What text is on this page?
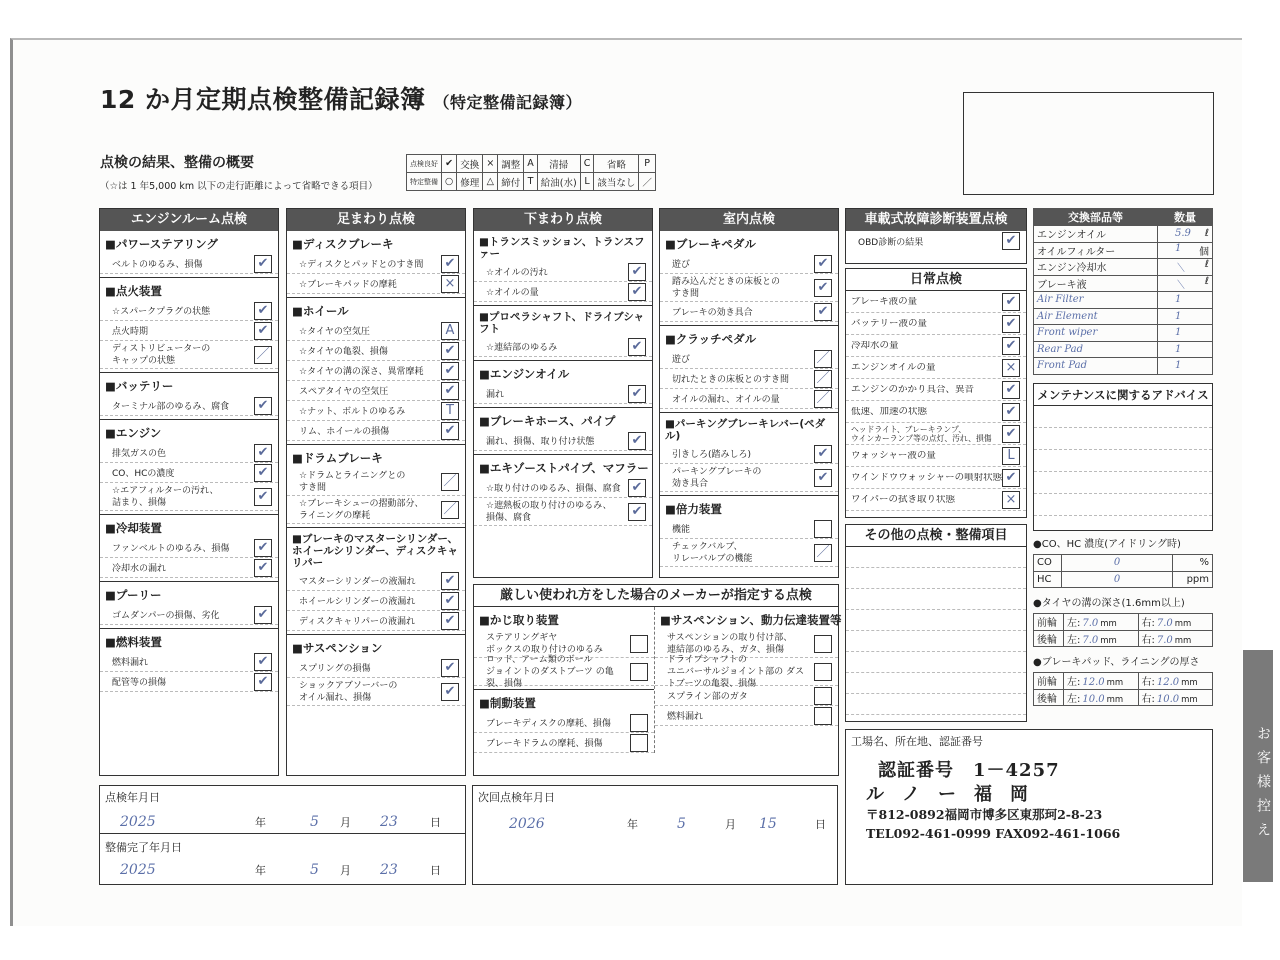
12 か月定期点検整備記録簿 （特定整備記録簿）
点検の結果、整備の概要
（☆は 1 年5,000 km 以下の走行距離によって省略できる項目）
点検良好	✔	交換	×	調整	A	清掃	C	省略	P
特定整備	○	修理	△	締付	T	給油(水)	L	該当なし	／
エンジンルーム点検
■ パワーステアリング
ベルトのゆるみ、損傷	✔
■ 点火装置
☆スパークプラグの状態	✔
点火時期	✔
ディストリビューターの
キャップの状態	／
■ バッテリー
ターミナル部のゆるみ、腐食	✔
■ エンジン
排気ガスの色	✔
CO、HCの濃度	✔
☆エアフィルターの汚れ、
詰まり、損傷	✔
■ 冷却装置
ファンベルトのゆるみ、損傷	✔
冷却水の漏れ	✔
■ プーリー
ゴムダンパーの損傷、劣化	✔
■ 燃料装置
燃料漏れ	✔
配管等の損傷	✔
足まわり点検
■ ディスクブレーキ
☆ディスクとパッドとのすき間	✔
☆ブレーキパッドの摩耗	×
■ ホイール
☆タイヤの空気圧	A
☆タイヤの亀裂、損傷	✔
☆タイヤの溝の深さ、異常摩耗	✔
スペアタイヤの空気圧	✔
☆ナット、ボルトのゆるみ	T
リム、ホイールの損傷	✔
■ ドラムブレーキ
☆ドラムとライニングとの
すき間	／
☆ブレーキシューの摺動部分、
ライニングの摩耗	／
■ ブレーキのマスターシリンダー、ホイールシリンダー、ディスクキャリパー
マスターシリンダーの液漏れ	✔
ホイールシリンダーの液漏れ	✔
ディスクキャリパーの液漏れ	✔
■ サスペンション
スプリングの損傷	✔
ショックアブソーバーの
オイル漏れ、損傷	✔
下まわり点検
■ トランスミッション、トランスファー
☆オイルの汚れ	✔
☆オイルの量	✔
■ プロペラシャフト、ドライブシャフト
☆連結部のゆるみ	✔
■ エンジンオイル
漏れ	✔
■ ブレーキホース、パイプ
漏れ、損傷、取り付け状態	✔
■ エキゾーストパイプ、マフラー
☆取り付けのゆるみ、損傷、腐食 ✔
☆遮熱板の取り付けのゆるみ、
損傷、腐食	✔
室内点検
■ ブレーキペダル
遊び	✔
踏み込んだときの床板との
すき間	✔
ブレーキの効き具合	✔
■ クラッチペダル
遊び	／
切れたときの床板とのすき間	／
オイルの漏れ、オイルの量	／
■ パーキングブレーキレバー(ペダル)
引きしろ(踏みしろ)	✔
パーキングブレーキの
効き具合	✔
■ 倍力装置
機能
チェックバルブ、
リレーバルブの機能	／
厳しい使われ方をした場合のメーカーが指定する点検
■ かじ取り装置
ステアリングギヤ
ボックスの取り付けのゆるみ
ロッド、アーム類のボール
ジョイントのダストブーツ の亀裂、損傷
■ 制動装置
ブレーキディスクの摩耗、損傷
ブレーキドラムの摩耗、損傷
■ サスペンション、動力伝達装置等
サスペンションの取り付け部、
連結部のゆるみ、ガタ、損傷
ドライブシャフトの
ユニバーサルジョイント部の ダストブーツの亀裂、損傷
スプライン部のガタ
燃料漏れ
車載式故障診断装置点検
OBD診断の結果	✔
日常点検
ブレーキ液の量	✔
バッテリー液の量	✔
冷却水の量	✔
エンジンオイルの量	×
エンジンのかかり具合、異音	✔
低速、加速の状態	✔
ヘッドライト、ブレーキランプ、
ウインカーランプ等の点灯、汚れ、損傷	✔
ウォッシャー液の量	L
ウインドウウォッシャーの噴射状態 ✔
ワイパーの拭き取り状態	×
その他の点検・整備項目
交換部品等	数量
エンジンオイル	5.9 ℓ

オイルフィルター	1 個

エンジン冷却水	＼ ℓ

ブレーキ液	＼ ℓ

Air Filter	1

Air Element	1

Front wiper	1

Rear Pad	1

Front Pad	1
メンテナンスに関するアドバイス
●CO、HC 濃度(アイドリング時)
CO	0	%
HC	0	ppm
●タイヤの溝の深さ(1.6mm以上)
前輪	左: 7.0 mm	右: 7.0 mm
後輪	左: 7.0 mm	右: 7.0 mm
●ブレーキパッド、ライニングの厚さ
前輪	左: 12.0 mm	右: 12.0 mm
後輪	左: 10.0 mm	右: 10.0 mm
点検年月日
2025	年	5	月	23	日
整備完了年月日
2025	年	5	月	23	日
次回点検年月日
2026	年	5	月	15	日
工場名、所在地、認証番号
認証番号　1－4257
ル　ノ　ー　福　岡
〒812-0892福岡市博多区東那珂2-8-23
TEL092-461-0999 FAX092-461-1066	お客様控え
